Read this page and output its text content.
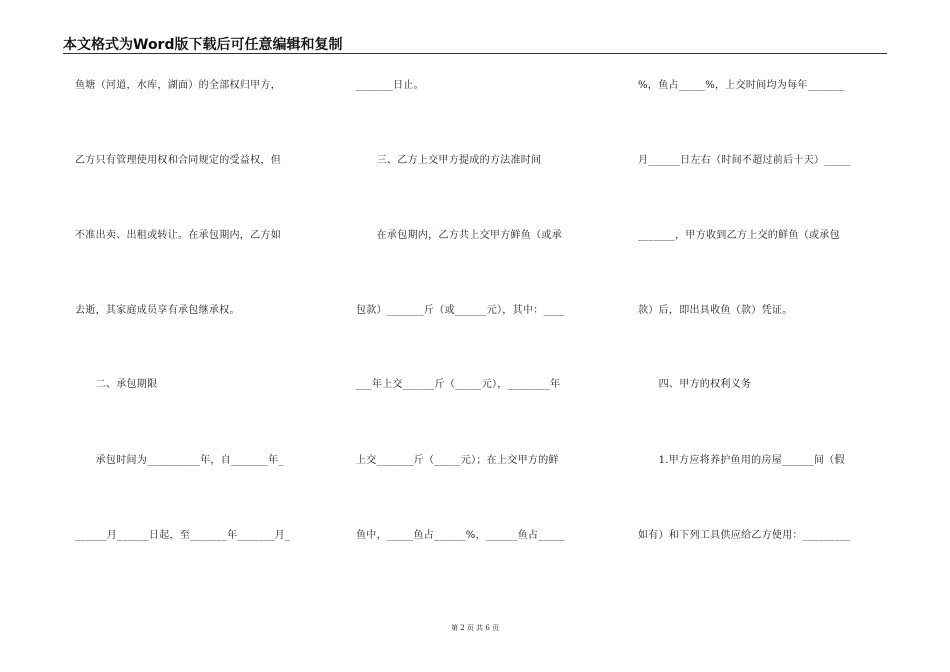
本文格式为Word版下载后可任意编辑和复制
鱼塘（河道，水库，湖面）的全部权归甲方，
乙方只有管理使用权和合同规定的受益权，但
不准出卖、出租或转让。在承包期内，乙方如
去逝，其家庭成员享有承包继承权。
　　二、承包期限
　　承包时间为__________年，自_______年_
______月______日起，至_______年_______月_
_______日止。
　　三、乙方上交甲方提成的方法准时间
　　在承包期内，乙方共上交甲方鲜鱼（或承
包款）_______斤（或______元），其中：____
___年上交______斤（_____元），________年
上交_______斤（_____元）；在上交甲方的鲜
鱼中，_____鱼占______%，______鱼占_____
%，鱼占_____%，上交时间均为每年_______
月______日左右（时间不超过前后十天）_____
_______，甲方收到乙方上交的鲜鱼（或承包
款）后，即出具收鱼（款）凭证。
　　四、甲方的权利义务
　　1.甲方应将养护鱼用的房屋______间（假
如有）和下列工具供应给乙方使用：_________
第 2 页 共 6 页
